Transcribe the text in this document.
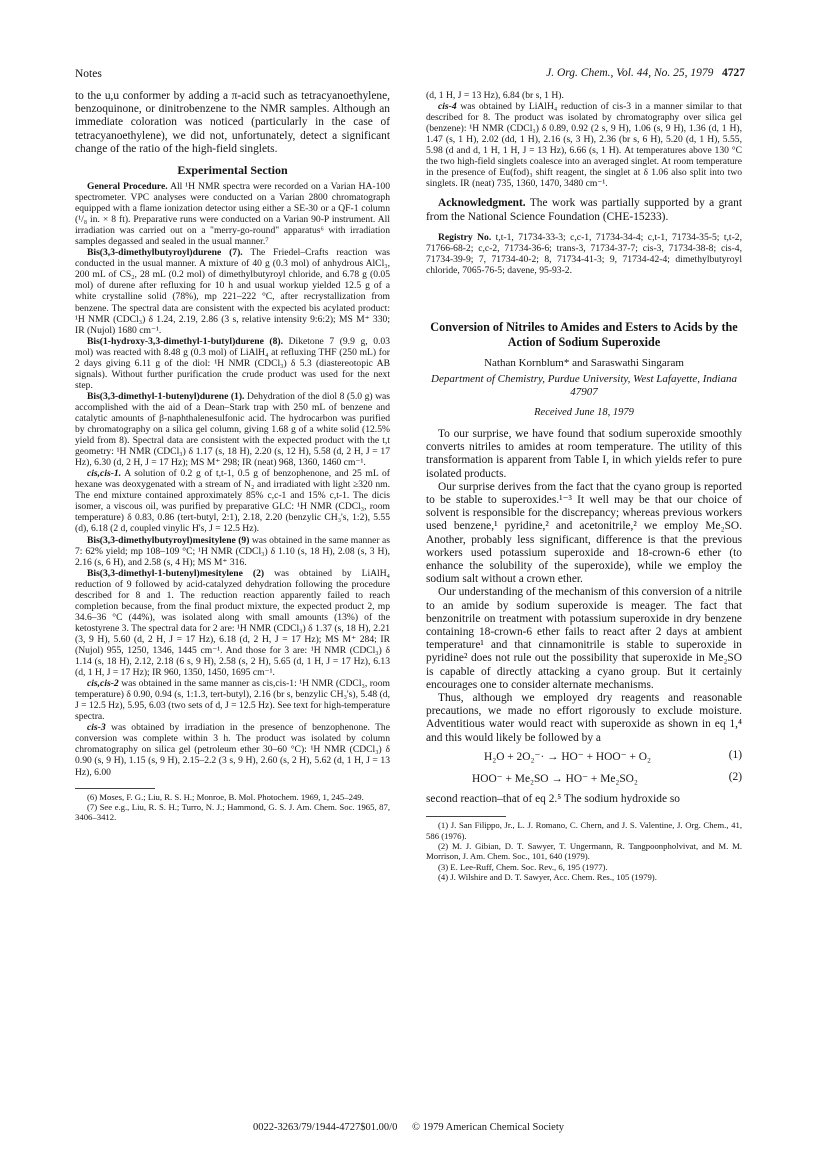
Notes	J. Org. Chem., Vol. 44, No. 25, 1979 4727

to the u,u conformer by adding a π-acid such as tetracyanoethylene, benzoquinone, or dinitrobenzene to the NMR samples. Although an immediate coloration was noticed (particularly in the case of tetracyanoethylene), we did not, unfortunately, detect a significant change of the ratio of the high-field singlets.

Experimental Section

General Procedure. All ¹H NMR spectra were recorded on a Varian HA-100 spectrometer. VPC analyses were conducted on a Varian 2800 chromatograph equipped with a flame ionization detector using either a SE-30 or a QF-1 column (¹/₈ in. × 8 ft). Preparative runs were conducted on a Varian 90-P instrument. All irradiation was carried out on a "merry-go-round" apparatus⁶ with irradiation samples degassed and sealed in the usual manner.⁷

Bis(3,3-dimethylbutyroyl)durene (7). The Friedel–Crafts reaction was conducted in the usual manner. A mixture of 40 g (0.3 mol) of anhydrous AlCl₃, 200 mL of CS₂, 28 mL (0.2 mol) of dimethylbutyroyl chloride, and 6.78 g (0.05 mol) of durene after refluxing for 10 h and usual workup yielded 12.5 g of a white crystalline solid (78%), mp 221–222 °C, after recrystallization from benzene. The spectral data are consistent with the expected bis acylated product: ¹H NMR (CDCl₃) δ 1.24, 2.19, 2.86 (3 s, relative intensity 9:6:2); MS M⁺ 330; IR (Nujol) 1680 cm⁻¹.

Bis(1-hydroxy-3,3-dimethyl-1-butyl)durene (8). Diketone 7 (9.9 g, 0.03 mol) was reacted with 8.48 g (0.3 mol) of LiAlH₄ at refluxing THF (250 mL) for 2 days giving 6.11 g of the diol: ¹H NMR (CDCl₃) δ 5.3 (diastereotopic AB signals). Without further purification the crude product was used for the next step.

Bis(3,3-dimethyl-1-butenyl)durene (1). Dehydration of the diol 8 (5.0 g) was accomplished with the aid of a Dean–Stark trap with 250 mL of benzene and catalytic amounts of β-naphthalenesulfonic acid. The hydrocarbon was purified by chromatography on a silica gel column, giving 1.68 g of a white solid (12.5% yield from 8). Spectral data are consistent with the expected product with the t,t geometry: ¹H NMR (CDCl₃) δ 1.17 (s, 18 H), 2.20 (s, 12 H), 5.58 (d, 2 H, J = 17 Hz), 6.30 (d, 2 H, J = 17 Hz); MS M⁺ 298; IR (neat) 968, 1360, 1460 cm⁻¹.

cis,cis-1. A solution of 0.2 g of t,t-1, 0.5 g of benzophenone, and 25 mL of hexane was deoxygenated with a stream of N₂ and irradiated with light ≥320 nm. The end mixture contained approximately 85% c,c-1 and 15% c,t-1. The dicis isomer, a viscous oil, was purified by preparative GLC: ¹H NMR (CDCl₃, room temperature) δ 0.83, 0.86 (tert-butyl, 2:1), 2.18, 2.20 (benzylic CH₃'s, 1:2), 5.55 (d), 6.18 (2 d, coupled vinylic H's, J = 12.5 Hz).

Bis(3,3-dimethylbutyroyl)mesitylene (9) was obtained in the same manner as 7: 62% yield; mp 108–109 °C; ¹H NMR (CDCl₃) δ 1.10 (s, 18 H), 2.08 (s, 3 H), 2.16 (s, 6 H), and 2.58 (s, 4 H); MS M⁺ 316.

Bis(3,3-dimethyl-1-butenyl)mesitylene (2) was obtained by LiAlH₄ reduction of 9 followed by acid-catalyzed dehydration following the procedure described for 8 and 1. The reduction reaction apparently failed to reach completion because, from the final product mixture, the expected product 2, mp 34.6–36 °C (44%), was isolated along with small amounts (13%) of the ketostyrene 3. The spectral data for 2 are: ¹H NMR (CDCl₃) δ 1.37 (s, 18 H), 2.21 (3, 9 H), 5.60 (d, 2 H, J = 17 Hz), 6.18 (d, 2 H, J = 17 Hz); MS M⁺ 284; IR (Nujol) 955, 1250, 1346, 1445 cm⁻¹. And those for 3 are: ¹H NMR (CDCl₃) δ 1.14 (s, 18 H), 2.12, 2.18 (6 s, 9 H), 2.58 (s, 2 H), 5.65 (d, 1 H, J = 17 Hz), 6.13 (d, 1 H, J = 17 Hz); IR 960, 1350, 1450, 1695 cm⁻¹.

cis,cis-2 was obtained in the same manner as cis,cis-1: ¹H NMR (CDCl₃, room temperature) δ 0.90, 0.94 (s, 1:1.3, tert-butyl), 2.16 (br s, benzylic CH₃'s), 5.48 (d, J = 12.5 Hz), 5.95, 6.03 (two sets of d, J = 12.5 Hz). See text for high-temperature spectra.

cis-3 was obtained by irradiation in the presence of benzophenone. The conversion was complete within 3 h. The product was isolated by column chromatography on silica gel (petroleum ether 30–60 °C): ¹H NMR (CDCl₃) δ 0.90 (s, 9 H), 1.15 (s, 9 H), 2.15–2.2 (3 s, 9 H), 2.60 (s, 2 H), 5.62 (d, 1 H, J = 13 Hz), 6.00

(6) Moses, F. G.; Liu, R. S. H.; Monroe, B. Mol. Photochem. 1969, 1, 245–249.

(7) See e.g., Liu, R. S. H.; Turro, N. J.; Hammond, G. S. J. Am. Chem. Soc. 1965, 87, 3406–3412.

(d, 1 H, J = 13 Hz), 6.84 (br s, 1 H).

cis-4 was obtained by LiAlH₄ reduction of cis-3 in a manner similar to that described for 8. The product was isolated by chromatography over silica gel (benzene): ¹H NMR (CDCl₃) δ 0.89, 0.92 (2 s, 9 H), 1.06 (s, 9 H), 1.36 (d, 1 H), 1.47 (s, 1 H), 2.02 (dd, 1 H), 2.16 (s, 3 H), 2.36 (br s, 6 H), 5.20 (d, 1 H), 5.55, 5.98 (d and d, 1 H, 1 H, J = 13 Hz), 6.66 (s, 1 H). At temperatures above 130 °C the two high-field singlets coalesce into an averaged singlet. At room temperature in the presence of Eu(fod)₃ shift reagent, the singlet at δ 1.06 also split into two singlets. IR (neat) 735, 1360, 1470, 3480 cm⁻¹.

Acknowledgment. The work was partially supported by a grant from the National Science Foundation (CHE-15233).

Registry No. t,t-1, 71734-33-3; c,c-1, 71734-34-4; c,t-1, 71734-35-5; t,t-2, 71766-68-2; c,c-2, 71734-36-6; trans-3, 71734-37-7; cis-3, 71734-38-8; cis-4, 71734-39-9; 7, 71734-40-2; 8, 71734-41-3; 9, 71734-42-4; dimethylbutyroyl chloride, 7065-76-5; davene, 95-93-2.

Conversion of Nitriles to Amides and Esters to Acids by the Action of Sodium Superoxide
Nathan Kornblum* and Saraswathi Singaram
Department of Chemistry, Purdue University, West Lafayette, Indiana 47907
Received June 18, 1979

To our surprise, we have found that sodium superoxide smoothly converts nitriles to amides at room temperature. The utility of this transformation is apparent from Table I, in which yields refer to pure isolated products.

Our surprise derives from the fact that the cyano group is reported to be stable to superoxides.¹⁻³ It well may be that our choice of solvent is responsible for the discrepancy; whereas previous workers used benzene,¹ pyridine,² and acetonitrile,² we employ Me₂SO. Another, probably less significant, difference is that the previous workers used potassium superoxide and 18-crown-6 ether (to enhance the solubility of the superoxide), while we employ the sodium salt without a crown ether.

Our understanding of the mechanism of this conversion of a nitrile to an amide by sodium superoxide is meager. The fact that benzonitrile on treatment with potassium superoxide in dry benzene containing 18-crown-6 ether fails to react after 2 days at ambient temperature¹ and that cinnamonitrile is stable to superoxide in pyridine² does not rule out the possibility that superoxide in Me₂SO is capable of directly attacking a cyano group. But it certainly encourages one to consider alternate mechanisms.

Thus, although we employed dry reagents and reasonable precautions, we made no effort rigorously to exclude moisture. Adventitious water would react with superoxide as shown in eq 1,⁴ and this would likely be followed by a

H₂O + 2O₂⁻· → HO⁻ + HOO⁻ + O₂	(1)
HOO⁻ + Me₂SO → HO⁻ + Me₂SO₂	(2)

second reaction–that of eq 2.⁵ The sodium hydroxide so

(1) J. San Filippo, Jr., L. J. Romano, C. Chern, and J. S. Valentine, J. Org. Chem., 41, 586 (1976).

(2) M. J. Gibian, D. T. Sawyer, T. Ungermann, R. Tangpoonpholvivat, and M. M. Morrison, J. Am. Chem. Soc., 101, 640 (1979).

(3) E. Lee-Ruff, Chem. Soc. Rev., 6, 195 (1977).

(4) J. Wilshire and D. T. Sawyer, Acc. Chem. Res., 105 (1979).

0022-3263/79/1944-4727$01.00/0 © 1979 American Chemical Society
